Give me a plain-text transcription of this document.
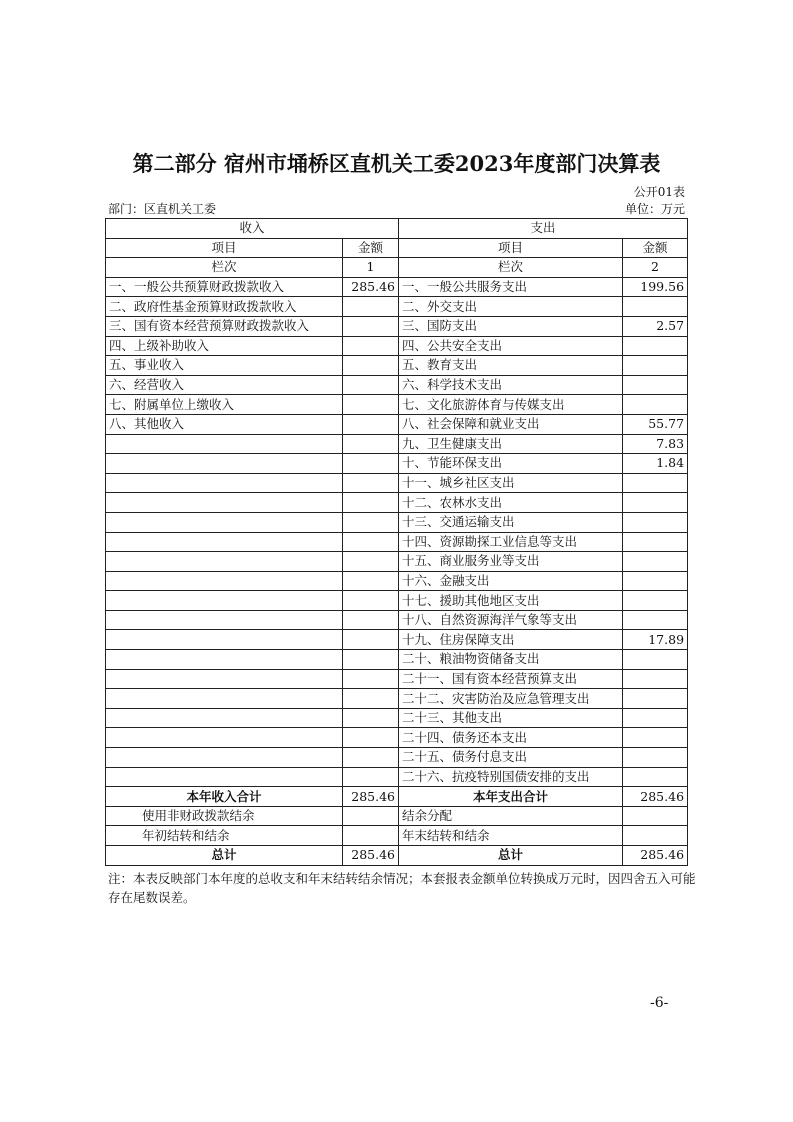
第二部分 宿州市埇桥区直机关工委2023年度部门决算表
公开01表
部门：区直机关工委	单位：万元
收入		支出	
项目	金额	项目	金额
栏次	1	栏次	2
一、一般公共预算财政拨款收入	285.46	一、一般公共服务支出	199.56
二、政府性基金预算财政拨款收入		二、外交支出	
三、国有资本经营预算财政拨款收入		三、国防支出	2.57
四、上级补助收入		四、公共安全支出	
五、事业收入		五、教育支出	
六、经营收入		六、科学技术支出	
七、附属单位上缴收入		七、文化旅游体育与传媒支出	
八、其他收入		八、社会保障和就业支出	55.77
		九、卫生健康支出	7.83
		十、节能环保支出	1.84
		十一、城乡社区支出	
		十二、农林水支出	
		十三、交通运输支出	
		十四、资源勘探工业信息等支出	
		十五、商业服务业等支出	
		十六、金融支出	
		十七、援助其他地区支出	
		十八、自然资源海洋气象等支出	
		十九、住房保障支出	17.89
		二十、粮油物资储备支出	
		二十一、国有资本经营预算支出	
		二十二、灾害防治及应急管理支出	
		二十三、其他支出	
		二十四、债务还本支出	
		二十五、债务付息支出	
		二十六、抗疫特别国债安排的支出	
本年收入合计	285.46	本年支出合计	285.46
使用非财政拨款结余		结余分配	
年初结转和结余		年末结转和结余	
总计	285.46	总计	285.46
注：本表反映部门本年度的总收支和年末结转结余情况；本套报表金额单位转换成万元时，因四舍五入可能存在尾数误差。
-6-
